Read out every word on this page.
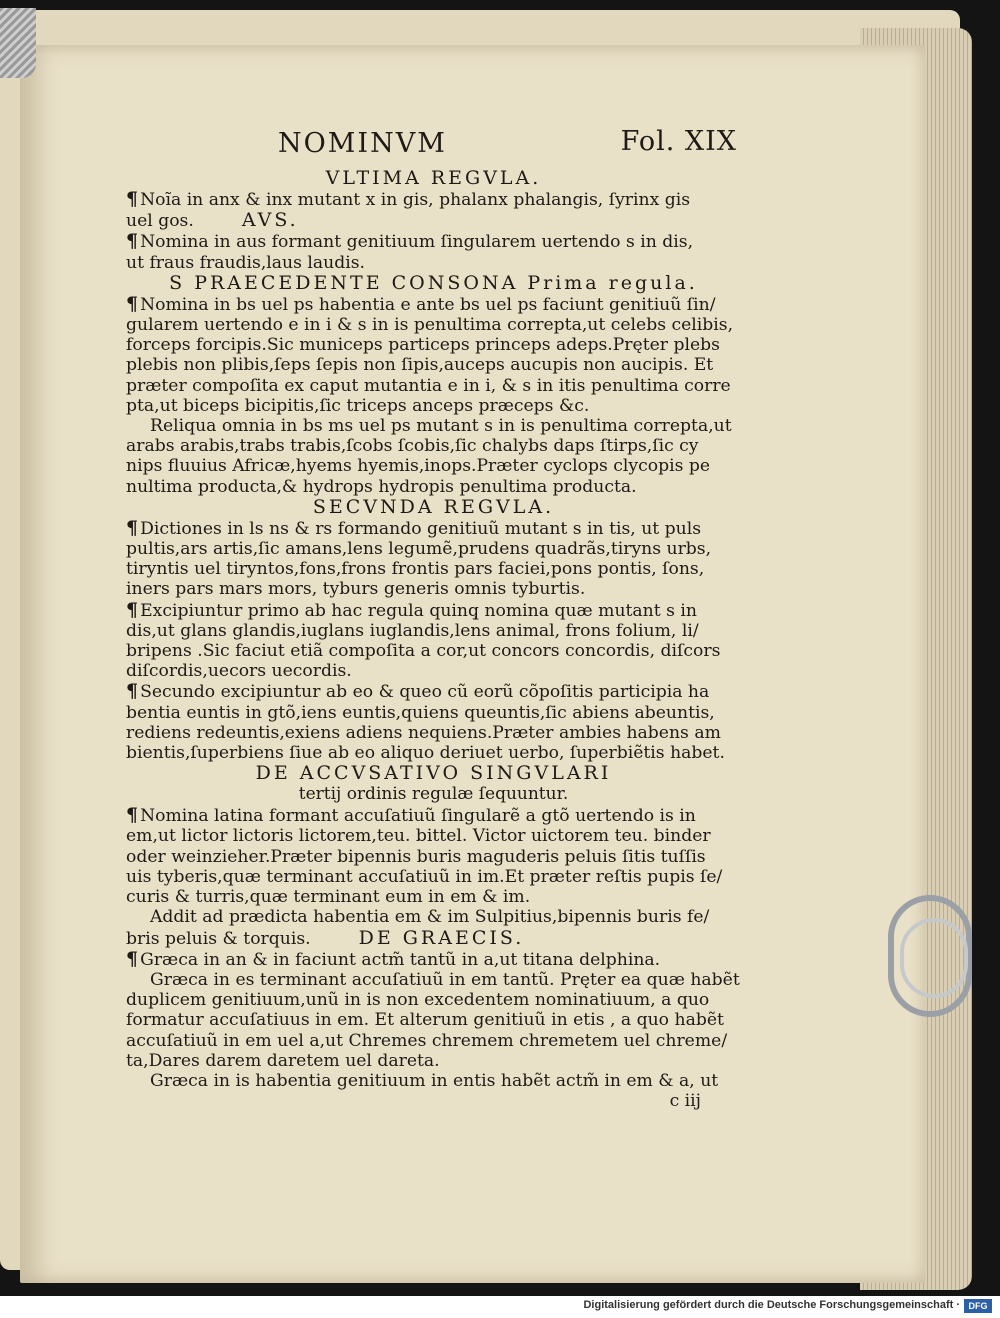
NOMINVM	Fol. XIX
VLTIMA REGVLA.
¶ Noĩa in anx & inx mutant x in gis, phalanx phalangis, ſyrinx gis
uel gos.	AVS.
¶ Nomina in aus formant genitiuum ſingularem uertendo s in dis,
ut fraus fraudis,laus laudis.
S PRAECEDENTE CONSONA Prima regula.
¶ Nomina in bs uel ps habentia e ante bs uel ps faciunt genitiuũ ſin/
gularem uertendo e in i & s in is penultima correpta,ut celebs celibis,
forceps forcipis.Sic municeps particeps princeps adeps.Pręter plebs
plebis non plibis,ſeps ſepis non ſipis,auceps aucupis non aucipis. Et
præter compoſita ex caput mutantia e in i, & s in itis penultima corre
pta,ut biceps bicipitis,ſic triceps anceps præceps &c.
Reliqua omnia in bs ms uel ps mutant s in is penultima correpta,ut
arabs arabis,trabs trabis,ſcobs ſcobis,ſic chalybs daps ſtirps,ſic cy
nips fluuius Africæ,hyems hyemis,inops.Præter cyclops clycopis pe
nultima producta,& hydrops hydropis penultima producta.
SECVNDA REGVLA.
¶ Dictiones in ls ns & rs formando genitiuũ mutant s in tis, ut puls
pultis,ars artis,ſic amans,lens legumẽ,prudens quadrãs,tiryns urbs,
tiryntis uel tiryntos,fons,frons frontis pars faciei,pons pontis, ſons,
iners pars mars mors, tyburs generis omnis tyburtis.
¶ Excipiuntur primo ab hac regula quinq̧ nomina quæ mutant s in
dis,ut glans glandis,iuglans iuglandis,lens animal, frons folium, li/
bripens .Sic faciut etiã compoſita a cor,ut concors concordis, diſcors
diſcordis,uecors uecordis.
¶ Secundo excipiuntur ab eo & queo cũ eorũ cõpoſitis participia ha
bentia euntis in gtõ,iens euntis,quiens queuntis,ſic abiens abeuntis,
rediens redeuntis,exiens adiens nequiens.Præter ambies habens am
bientis,ſuperbiens ſiue ab eo aliquo deriuet uerbo, ſuperbiẽtis habet.
DE ACCVSATIVO SINGVLARI
tertij ordinis regulæ ſequuntur.
¶ Nomina latina formant accuſatiuũ ſingularẽ a gtõ uertendo is in
em,ut lictor lictoris lictorem,teu. bittel. Victor uictorem teu. binder
oder weinzieher.Præter bipennis buris maguderis peluis ſitis tuſſis
uis tyberis,quæ terminant accuſatiuũ in im.Et præter reſtis pupis ſe/
curis & turris,quæ terminant eum in em & im.
Addit ad prædicta habentia em & im Sulpitius,bipennis buris fe/
bris peluis & torquis.	DE GRAECIS.
¶ Græca in an & in faciunt actm̃ tantũ in a,ut titana delphina.
Græca in es terminant accuſatiuũ in em tantũ. Pręter ea quæ habẽt
duplicem genitiuum,unũ in is non excedentem nominatiuum, a quo
formatur accuſatiuus in em. Et alterum genitiuũ in etis , a quo habẽt
accuſatiuũ in em uel a,ut Chremes chremem chremetem uel chreme/
ta,Dares darem daretem uel dareta.
Græca in is habentia genitiuum in entis habẽt actm̃ in em & a, ut
c iij
Digitalisierung gefördert durch die Deutsche Forschungsgemeinschaft · DFG
